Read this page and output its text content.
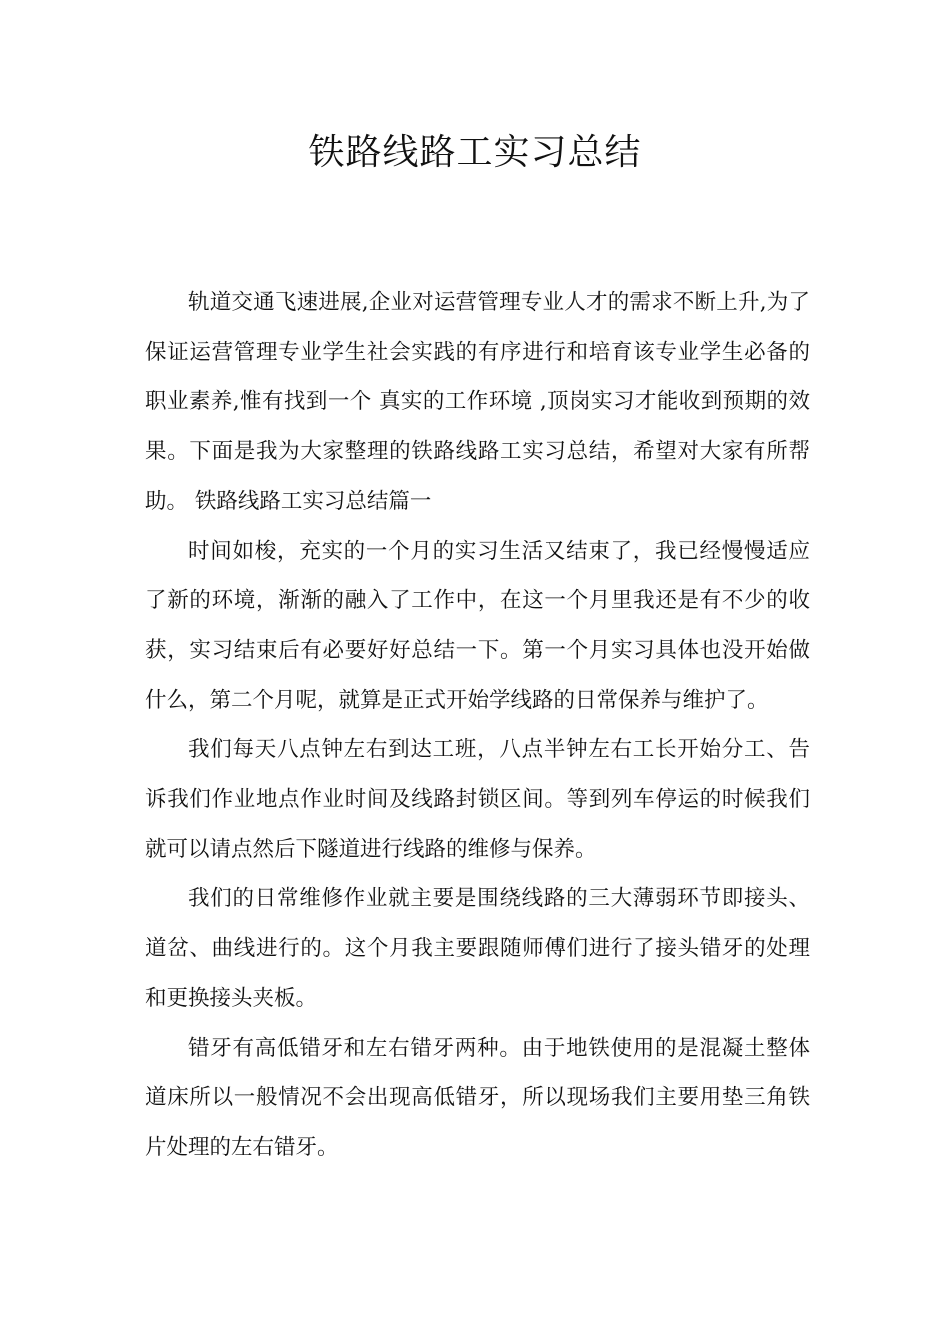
铁路线路工实习总结

轨道交通飞速进展,企业对运营管理专业人才的需求不断上升,为了保证运营管理专业学生社会实践的有序进行和培育该专业学生必备的职业素养,惟有找到一个 真实的工作环境 ,顶岗实习才能收到预期的效果。下面是我为大家整理的铁路线路工实习总结，希望对大家有所帮助。 铁路线路工实习总结篇一

时间如梭，充实的一个月的实习生活又结束了，我已经慢慢适应了新的环境，渐渐的融入了工作中，在这一个月里我还是有不少的收获，实习结束后有必要好好总结一下。第一个月实习具体也没开始做什么，第二个月呢，就算是正式开始学线路的日常保养与维护了。

我们每天八点钟左右到达工班，八点半钟左右工长开始分工、告诉我们作业地点作业时间及线路封锁区间。等到列车停运的时候我们就可以请点然后下隧道进行线路的维修与保养。

我们的日常维修作业就主要是围绕线路的三大薄弱环节即接头、道岔、曲线进行的。这个月我主要跟随师傅们进行了接头错牙的处理和更换接头夹板。

错牙有高低错牙和左右错牙两种。由于地铁使用的是混凝土整体道床所以一般情况不会出现高低错牙，所以现场我们主要用垫三角铁片处理的左右错牙。
